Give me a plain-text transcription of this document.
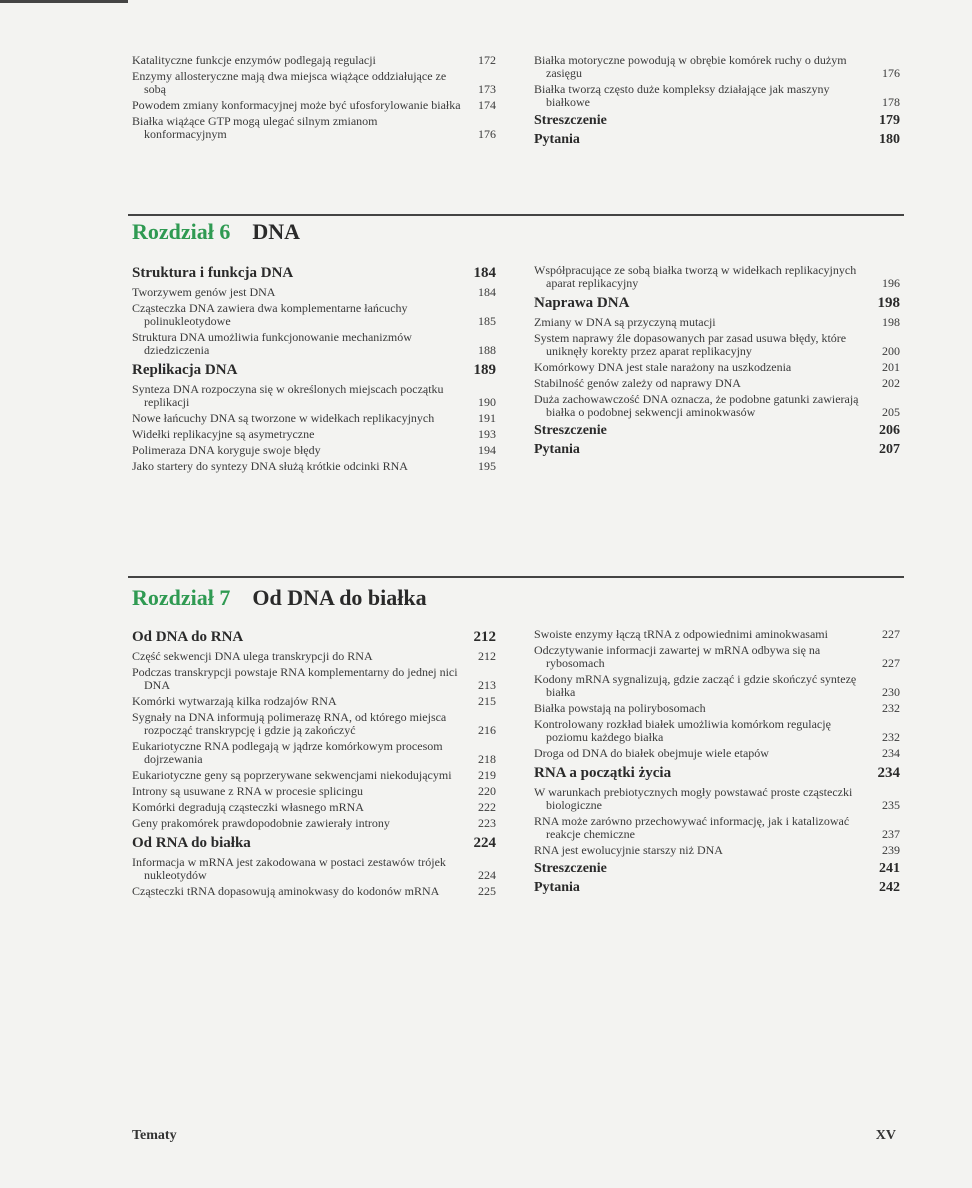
Katalityczne funkcje enzymów podlegają regulacji	172
Enzymy allosteryczne mają dwa miejsca wiążące oddziałujące ze sobą	173
Powodem zmiany konformacyjnej może być ufosforylowanie białka	174
Białka wiążące GTP mogą ulegać silnym zmianom konformacyjnym	176
Białka motoryczne powodują w obrębie komórek ruchy o dużym zasięgu	176
Białka tworzą często duże kompleksy działające jak maszyny białkowe	178
Streszczenie	179
Pytania	180
Rozdział 6 DNA
Struktura i funkcja DNA	184
Tworzywem genów jest DNA	184
Cząsteczka DNA zawiera dwa komplementarne łańcuchy polinukleotydowe	185
Struktura DNA umożliwia funkcjonowanie mechanizmów dziedziczenia	188
Replikacja DNA	189
Synteza DNA rozpoczyna się w określonych miejscach początku replikacji	190
Nowe łańcuchy DNA są tworzone w widełkach replikacyjnych	191
Widełki replikacyjne są asymetryczne	193
Polimeraza DNA koryguje swoje błędy	194
Jako startery do syntezy DNA służą krótkie odcinki RNA	195
Współpracujące ze sobą białka tworzą w widełkach replikacyjnych aparat replikacyjny	196
Naprawa DNA	198
Zmiany w DNA są przyczyną mutacji	198
System naprawy źle dopasowanych par zasad usuwa błędy, które uniknęły korekty przez aparat replikacyjny	200
Komórkowy DNA jest stale narażony na uszkodzenia	201
Stabilność genów zależy od naprawy DNA	202
Duża zachowawczość DNA oznacza, że podobne gatunki zawierają białka o podobnej sekwencji aminokwasów	205
Streszczenie	206
Pytania	207
Rozdział 7 Od DNA do białka
Od DNA do RNA	212
Część sekwencji DNA ulega transkrypcji do RNA	212
Podczas transkrypcji powstaje RNA komplementarny do jednej nici DNA	213
Komórki wytwarzają kilka rodzajów RNA	215
Sygnały na DNA informują polimerazę RNA, od którego miejsca rozpocząć transkrypcję i gdzie ją zakończyć	216
Eukariotyczne RNA podlegają w jądrze komórkowym procesom dojrzewania	218
Eukariotyczne geny są poprzerywane sekwencjami niekodującymi	219
Introny są usuwane z RNA w procesie splicingu	220
Komórki degradują cząsteczki własnego mRNA	222
Geny prakomórek prawdopodobnie zawierały introny	223
Od RNA do białka	224
Informacja w mRNA jest zakodowana w postaci zestawów trójek nukleotydów	224
Cząsteczki tRNA dopasowują aminokwasy do kodonów mRNA	225
Swoiste enzymy łączą tRNA z odpowiednimi aminokwasami	227
Odczytywanie informacji zawartej w mRNA odbywa się na rybosomach	227
Kodony mRNA sygnalizują, gdzie zacząć i gdzie skończyć syntezę białka	230
Białka powstają na polirybosomach	232
Kontrolowany rozkład białek umożliwia komórkom regulację poziomu każdego białka	232
Droga od DNA do białek obejmuje wiele etapów	234
RNA a początki życia	234
W warunkach prebiotycznych mogły powstawać proste cząsteczki biologiczne	235
RNA może zarówno przechowywać informację, jak i katalizować reakcje chemiczne	237
RNA jest ewolucyjnie starszy niż DNA	239
Streszczenie	241
Pytania	242
Tematy	XV
